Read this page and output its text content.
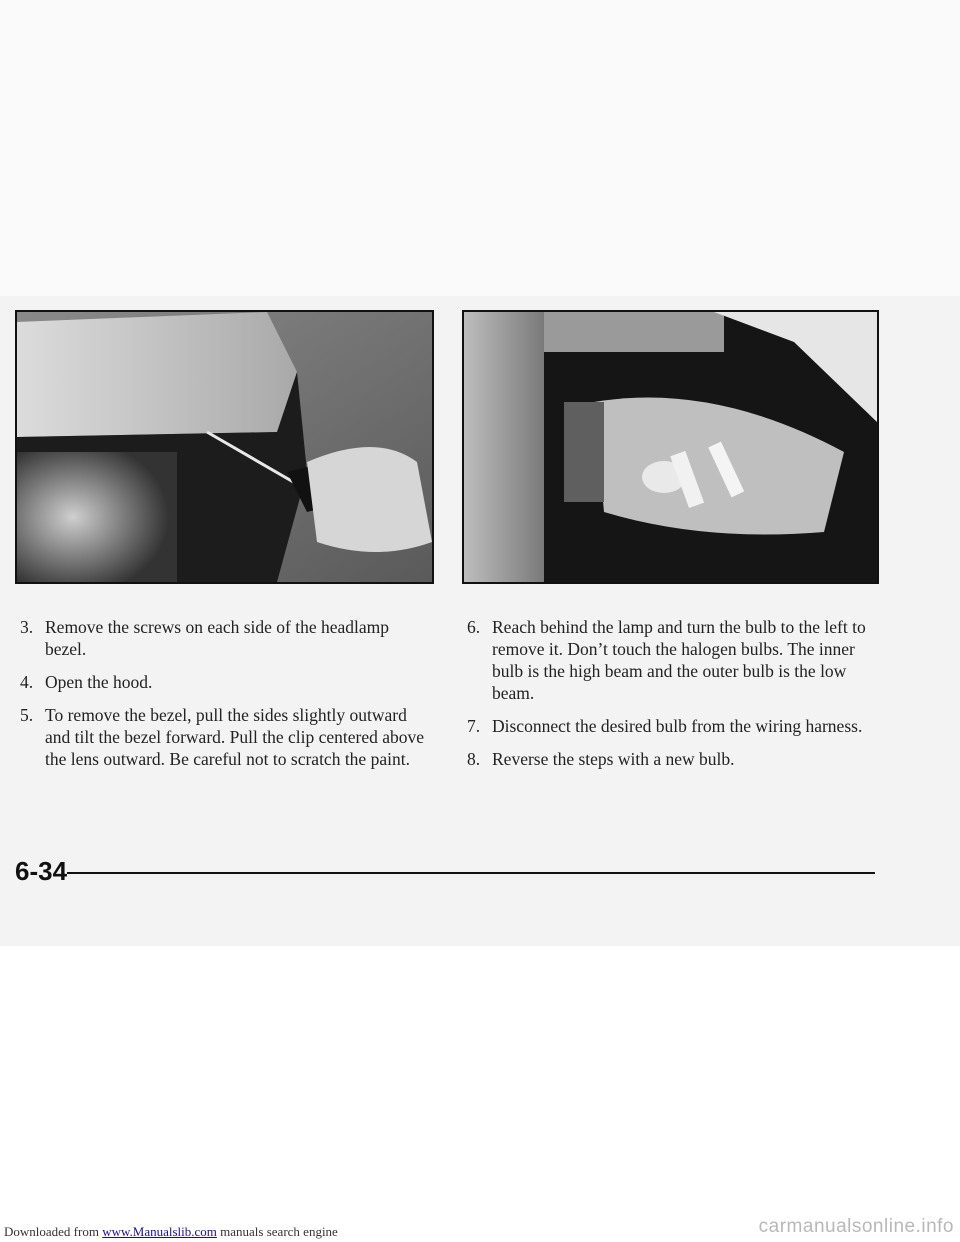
3. Remove the screws on each side of the headlamp bezel.
4. Open the hood.
5. To remove the bezel, pull the sides slightly outward and tilt the bezel forward. Pull the clip centered above the lens outward. Be careful not to scratch the paint.
6. Reach behind the lamp and turn the bulb to the left to remove it. Don’t touch the halogen bulbs. The inner bulb is the high beam and the outer bulb is the low beam.
7. Disconnect the desired bulb from the wiring harness.
8. Reverse the steps with a new bulb.
6-34
Downloaded from www.Manualslib.com manuals search engine	carmanualsonline.info
